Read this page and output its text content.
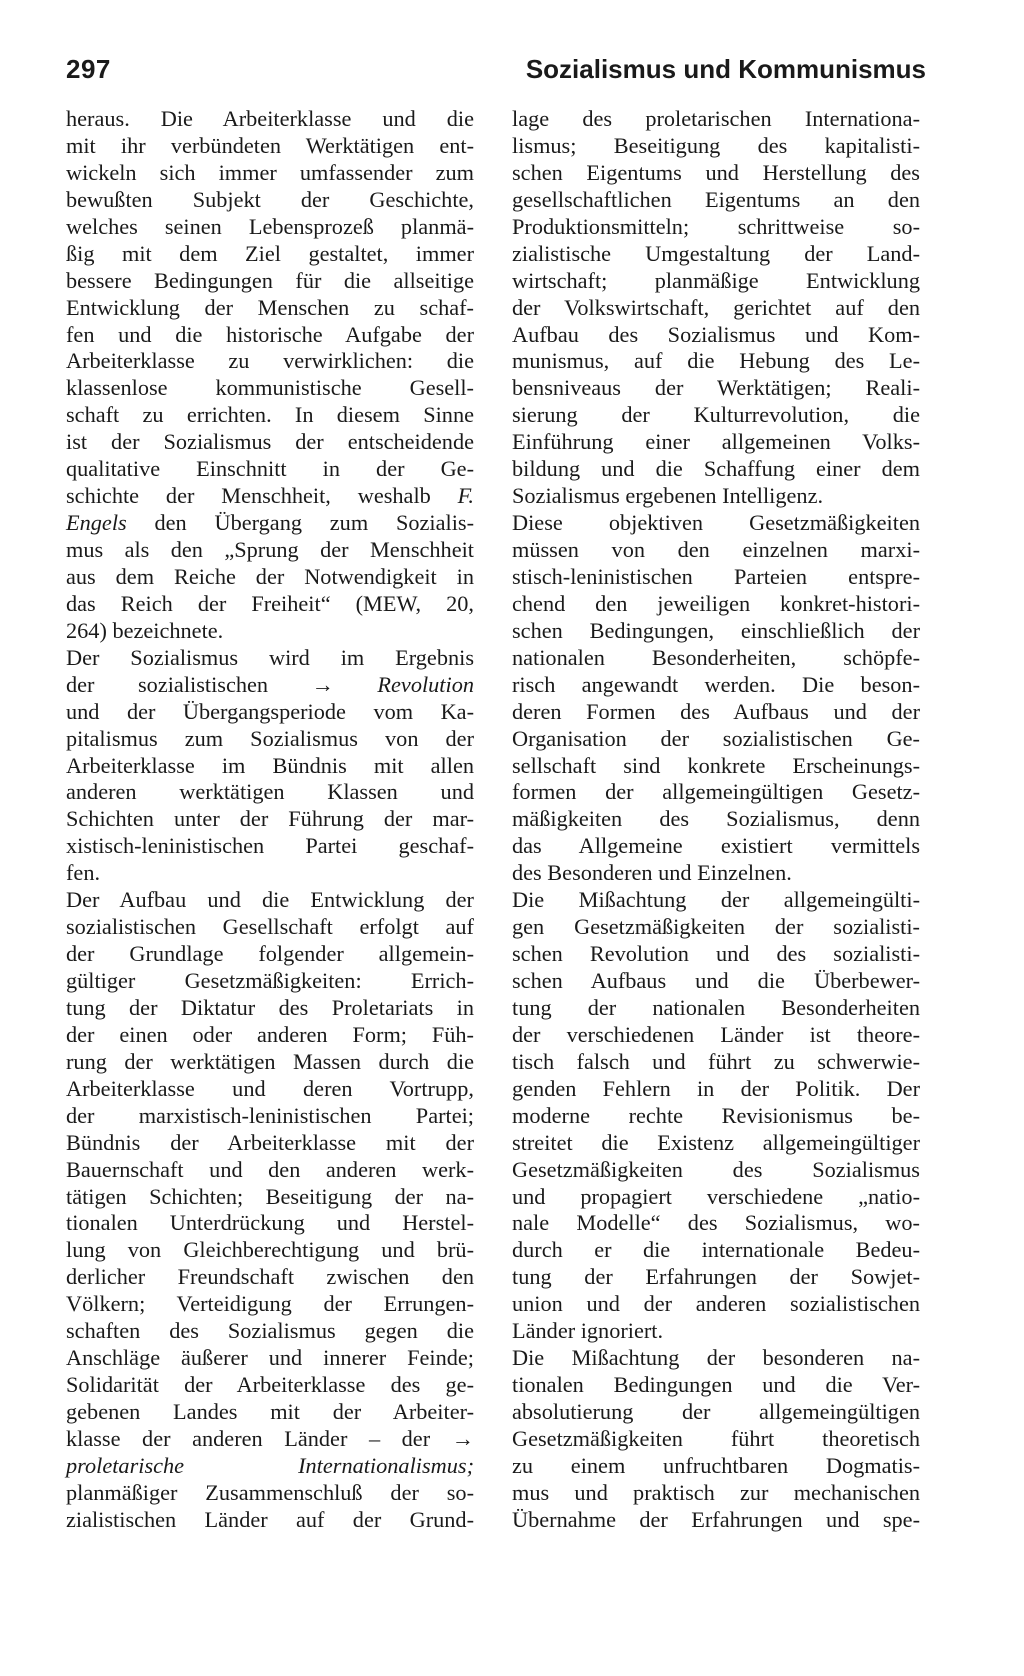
297	Sozialismus und Kommunismus
heraus. Die Arbeiterklasse und die
mit ihr verbündeten Werktätigen ent-
wickeln sich immer umfassender zum
bewußten Subjekt der Geschichte,
welches seinen Lebensprozeß planmä-
ßig mit dem Ziel gestaltet, immer
bessere Bedingungen für die allseitige
Entwicklung der Menschen zu schaf-
fen und die historische Aufgabe der
Arbeiterklasse zu verwirklichen: die
klassenlose kommunistische Gesell-
schaft zu errichten. In diesem Sinne
ist der Sozialismus der entscheidende
qualitative Einschnitt in der Ge-
schichte der Menschheit, weshalb F.
Engels den Übergang zum Sozialis-
mus als den „Sprung der Menschheit
aus dem Reiche der Notwendigkeit in
das Reich der Freiheit“ (MEW, 20,
264) bezeichnete.
Der Sozialismus wird im Ergebnis
der sozialistischen → Revolution
und der Übergangsperiode vom Ka-
pitalismus zum Sozialismus von der
Arbeiterklasse im Bündnis mit allen
anderen werktätigen Klassen und
Schichten unter der Führung der mar-
xistisch-leninistischen Partei geschaf-
fen.
Der Aufbau und die Entwicklung der
sozialistischen Gesellschaft erfolgt auf
der Grundlage folgender allgemein-
gültiger Gesetzmäßigkeiten: Errich-
tung der Diktatur des Proletariats in
der einen oder anderen Form; Füh-
rung der werktätigen Massen durch die
Arbeiterklasse und deren Vortrupp,
der marxistisch-leninistischen Partei;
Bündnis der Arbeiterklasse mit der
Bauernschaft und den anderen werk-
tätigen Schichten; Beseitigung der na-
tionalen Unterdrückung und Herstel-
lung von Gleichberechtigung und brü-
derlicher Freundschaft zwischen den
Völkern; Verteidigung der Errungen-
schaften des Sozialismus gegen die
Anschläge äußerer und innerer Feinde;
Solidarität der Arbeiterklasse des ge-
gebenen Landes mit der Arbeiter-
klasse der anderen Länder – der →
proletarische Internationalismus;
planmäßiger Zusammenschluß der so-
zialistischen Länder auf der Grund-
lage des proletarischen Internationa-
lismus; Beseitigung des kapitalisti-
schen Eigentums und Herstellung des
gesellschaftlichen Eigentums an den
Produktionsmitteln; schrittweise so-
zialistische Umgestaltung der Land-
wirtschaft; planmäßige Entwicklung
der Volkswirtschaft, gerichtet auf den
Aufbau des Sozialismus und Kom-
munismus, auf die Hebung des Le-
bensniveaus der Werktätigen; Reali-
sierung der Kulturrevolution, die
Einführung einer allgemeinen Volks-
bildung und die Schaffung einer dem
Sozialismus ergebenen Intelligenz.
Diese objektiven Gesetzmäßigkeiten
müssen von den einzelnen marxi-
stisch-leninistischen Parteien entspre-
chend den jeweiligen konkret-histori-
schen Bedingungen, einschließlich der
nationalen Besonderheiten, schöpfe-
risch angewandt werden. Die beson-
deren Formen des Aufbaus und der
Organisation der sozialistischen Ge-
sellschaft sind konkrete Erscheinungs-
formen der allgemeingültigen Gesetz-
mäßigkeiten des Sozialismus, denn
das Allgemeine existiert vermittels
des Besonderen und Einzelnen.
Die Mißachtung der allgemeingülti-
gen Gesetzmäßigkeiten der sozialisti-
schen Revolution und des sozialisti-
schen Aufbaus und die Überbewer-
tung der nationalen Besonderheiten
der verschiedenen Länder ist theore-
tisch falsch und führt zu schwerwie-
genden Fehlern in der Politik. Der
moderne rechte Revisionismus be-
streitet die Existenz allgemeingültiger
Gesetzmäßigkeiten des Sozialismus
und propagiert verschiedene „natio-
nale Modelle“ des Sozialismus, wo-
durch er die internationale Bedeu-
tung der Erfahrungen der Sowjet-
union und der anderen sozialistischen
Länder ignoriert.
Die Mißachtung der besonderen na-
tionalen Bedingungen und die Ver-
absolutierung der allgemeingültigen
Gesetzmäßigkeiten führt theoretisch
zu einem unfruchtbaren Dogmatis-
mus und praktisch zur mechanischen
Übernahme der Erfahrungen und spe-
